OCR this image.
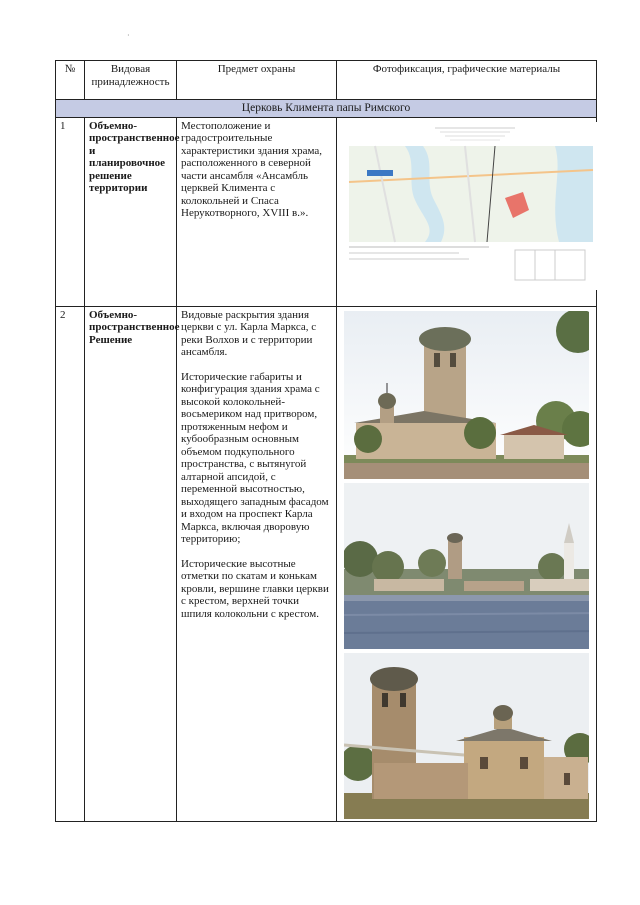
·
№	Видовая принадлежность	Предмет охраны	Фотофиксация, графические материалы
Церковь Климента папы Римского			
1	Объемно-пространственное и планировочное решение территории	Местоположение и градостроительные характеристики здания храма, расположенного в северной части ансамбля «Ансамбль церквей Климента с колокольней и Спаса Нерукотворного, XVIII в.».

2	Объемно-пространственное Решение	Видовые раскрытия здания церкви с ул. Карла Маркса, с реки Волхов и с территории ансамбля.

Исторические габариты и конфигурация здания храма с высокой колокольней-восьмериком над притвором, протяженным нефом и кубообразным основным объемом подкупольного пространства, с вытянугой алтарной апсидой, с переменной высотностью, выходящего западным фасадом и входом на проспект Карла Маркса, включая дворовую территорию;

Исторические высотные отметки по скатам и конькам кровли, вершине главки церкви с крестом, верхней точки шпиля колокольни с крестом.
